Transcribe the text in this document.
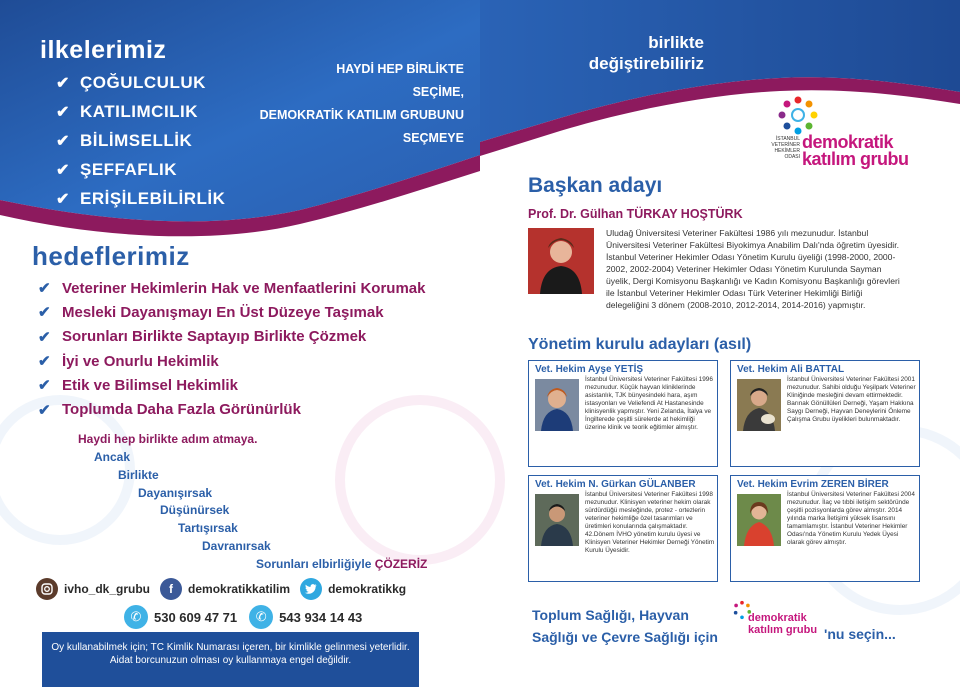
ilkelerimiz
✔ ÇOĞULCULUK
✔ KATILIMCILIK
✔ BİLİMSELLİK
✔ ŞEFFAFLIK
✔ ERİŞİLEBİLİRLİK
HAYDİ HEP BİRLİKTE
SEÇİME,
DEMOKRATİK KATILIM GRUBUNU
SEÇMEYE
hedeflerimiz
✔ Veteriner Hekimlerin Hak ve Menfaatlerini Korumak
✔ Mesleki Dayanışmayı En Üst Düzeye Taşımak
✔ Sorunları Birlikte Saptayıp Birlikte Çözmek
✔ İyi ve Onurlu Hekimlik
✔ Etik ve Bilimsel Hekimlik
✔ Toplumda Daha Fazla Görünürlük
Haydi hep birlikte adım atmaya.
Ancak
Birlikte
Dayanışırsak
Düşünürsek
Tartışırsak
Davranırsak
Sorunları elbirliğiyle ÇÖZERİZ
ivho_dk_grubu	f	demokratikkatilim	demokratikkg
✆ 530 609 47 71	✆ 543 934 14 43
Oy kullanabilmek için; TC Kimlik Numarası içeren, bir kimlikle gelinmesi yeterlidir.
Aidat borcunuzun olması oy kullanmaya engel değildir.
birlikte
değiştirebiliriz
İSTANBUL
VETERİNER
HEKİMLER
ODASI
demokratik
katılım grubu
Başkan adayı
Prof. Dr. Gülhan TÜRKAY HOŞTÜRK
Uludağ Üniversitesi Veteriner Fakültesi 1986 yılı mezunudur. İstanbul Üniversitesi Veteriner Fakültesi Biyokimya Anabilim Dalı'nda öğretim üyesidir. İstanbul Veteriner Hekimler Odası Yönetim Kurulu üyeliği (1998-2000, 2000-2002, 2002-2004) Veteriner Hekimler Odası Yönetim Kurulunda Sayman üyelik, Dergi Komisyonu Başkanlığı ve Kadın Komisyonu Başkanlığı görevleri ile İstanbul Veteriner Hekimler Odası Türk Veteriner Hekimliği Birliği delegeliğini 3 dönem (2008-2010, 2012-2014, 2014-2016) yapmıştır.
Yönetim kurulu adayları (asıl)
Vet. Hekim Ayşe YETİŞ
İstanbul Üniversitesi Veteriner Fakültesi 1996 mezunudur. Küçük hayvan kliniklerinde asistanlık, TJK bünyesindeki hara, aşım istasyonları ve Veliefendi At Hastanesinde klinisyenlik yapmıştır. Yeni Zelanda, İtalya ve İngilterede çeşitli sürelerde at hekimliği üzerine klinik ve teorik eğitimler almıştır.
Vet. Hekim Ali BATTAL
İstanbul Üniversitesi Veteriner Fakültesi 2001 mezunudur. Sahibi olduğu Yeşilpark Veteriner Kliniğinde mesleğini devam ettirmektedir. Barınak Gönüllüleri Derneği, Yaşam Hakkına Saygı Derneği, Hayvan Deneylerini Önleme Çalışma Grubu üyelikleri bulunmaktadır.
Vet. Hekim N. Gürkan GÜLANBER
İstanbul Üniversitesi Veteriner Fakültesi 1998 mezunudur. Klinisyen veteriner hekim olarak sürdürdüğü mesleğinde, protez - ortezlerin veteriner hekimliğe özel tasarımları ve üretimleri konularında çalışmaktadır. 42.Dönem İVHO yönetim kurulu üyesi ve Klinisyen Veteriner Hekimler Derneği Yönetim Kurulu Üyesidir.
Vet. Hekim Evrim ZEREN BİRER
İstanbul Üniversitesi Veteriner Fakültesi 2004 mezunudur. İlaç ve tıbbi iletişim sektöründe çeşitli pozisyonlarda görev almıştır. 2014 yılında marka İletişimi yüksek lisansını tamamlamıştır. İstanbul Veteriner Hekimler Odası'nda Yönetim Kurulu Yedek Üyesi olarak görev almıştır.
Toplum Sağlığı, Hayvan
Sağlığı ve Çevre Sağlığı için
demokratik
katılım grubu 'nu seçin...
